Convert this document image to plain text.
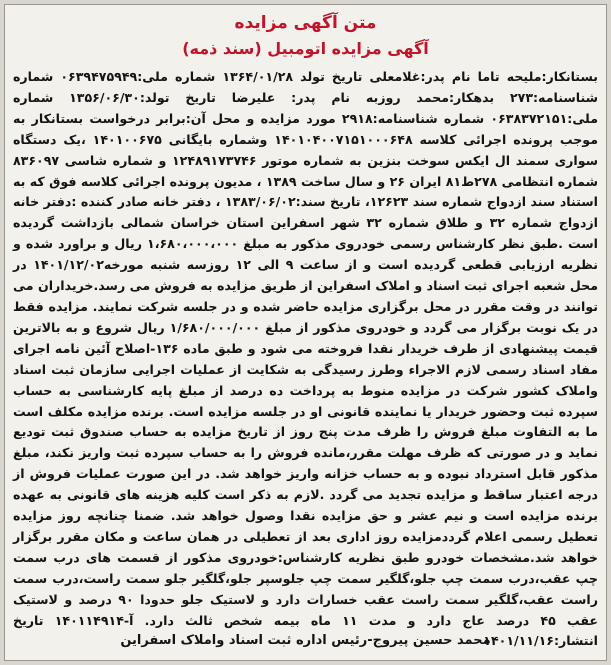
متن آگهی مزایده
آگهی مزایده اتومبیل (سند ذمه)
بستانکار:ملیحه تاما نام پدر:غلامعلی تاریخ تولد ۱۳۶۴/۰۱/۲۸ شماره ملی:۰۶۳۹۴۷۵۹۴۹ شماره شناسنامه:۲۷۳ بدهکار:محمد روزبه نام پدر: علیرضا تاریخ تولد:۱۳۵۶/۰۶/۳۰ شماره ملی:۰۶۳۸۳۷۲۱۵۱ شماره شناسنامه:۲۹۱۸ مورد مزایده و محل آن:برابر درخواست بستانکار به موجب پرونده اجرائی کلاسه ۱۴۰۱۰۴۰۰۷۱۵۱۰۰۰۶۴۸ وشماره بایگانی ۱۴۰۱۰۰۶۷۵ ،یک دستگاه سواری سمند ال ایکس سوخت بنزین به شماره موتور ۱۲۴۸۹۱۷۳۷۴۶ و شماره شاسی ۸۳۶۰۹۷ شماره انتظامی ۲۷۸ط۸۱ ایران ۲۶ و سال ساخت ۱۳۸۹ ، مدیون پرونده اجرائی کلاسه فوق که به استناد سند ازدواج شماره سند ۱۲۶۲۳، تاریخ سند:۱۳۸۳/۰۶/۰۲ ، دفتر خانه صادر کننده :دفتر خانه ازدواج شماره ۳۲ و طلاق شماره ۳۲ شهر اسفراین استان خراسان شمالی بازداشت گردیده است .طبق نظر کارشناس رسمی خودروی مذکور به مبلغ ۱،۶۸۰،۰۰۰،۰۰۰ ریال و براورد شده و نظریه ارزیابی قطعی گردیده است و از ساعت ۹ الی ۱۲ روزسه شنبه مورخه۱۴۰۱/۱۲/۰۲ در محل شعبه اجرای ثبت اسناد و املاک اسفراین از طریق مزایده به فروش می رسد.خریداران می توانند در وقت مقرر در محل برگزاری مزایده حاضر شده و در جلسه شرکت نمایند. مزایده فقط در یک نوبت برگزار می گردد و خودروی مذکور از مبلغ ۱/۶۸۰/۰۰۰/۰۰۰ ریال شروع و به بالاترین قیمت پیشنهادی از طرف خریدار نقدا فروخته می شود و طبق ماده ۱۳۶-اصلاح آئین نامه اجرای مفاد اسناد رسمی لازم الاجراء وطرز رسیدگی به شکایت از عملیات اجرایی سازمان ثبت اسناد واملاک کشور شرکت در مزایده منوط به پرداخت ده درصد از مبلغ پایه کارشناسی به حساب سپرده ثبت وحضور خریدار یا نماینده قانونی او در جلسه مزایده است. برنده مزایده مکلف است ما به التفاوت مبلغ فروش را ظرف مدت پنج روز از تاریخ مزایده به حساب صندوق ثبت تودیع نماید و در صورتی که ظرف مهلت مقرر،مانده فروش را به حساب سپرده ثبت واریز نکند، مبلغ مذکور قابل استرداد نبوده و به حساب خزانه واریز خواهد شد. در این صورت عملیات فروش از درجه اعتبار ساقط و مزایده تجدید می گردد .لازم به ذکر است کلیه هزینه های قانونی به عهده برنده مزایده است و نیم عشر و حق مزایده نقدا وصول خواهد شد. ضمنا چنانچه روز مزایده تعطیل رسمی اعلام گرددمزایده روز اداری بعد از تعطیلی در همان ساعت و مکان مقرر برگزار خواهد شد.مشخصات خودرو طبق نظریه کارشناس:خودروی مذکور از قسمت های درب سمت چپ عقب،درب سمت چپ جلو،گلگیر سمت چپ جلوسپر جلو،گلگیر جلو سمت راست،درب سمت راست عقب،گلگیر سمت راست عقب خسارات دارد و لاستیک جلو حدودا ۹۰ درصد و لاستیک عقب ۴۵ درصد عاج دارد و مدت ۱۱ ماه بیمه شخص ثالث دارد. آ-۱۴۰۱۱۴۹۱۴ تاریخ انتشار:۱۴۰۱/۱۱/۱۶
محمد حسین پیروج-رئیس اداره ثبت اسناد واملاک اسفراین
